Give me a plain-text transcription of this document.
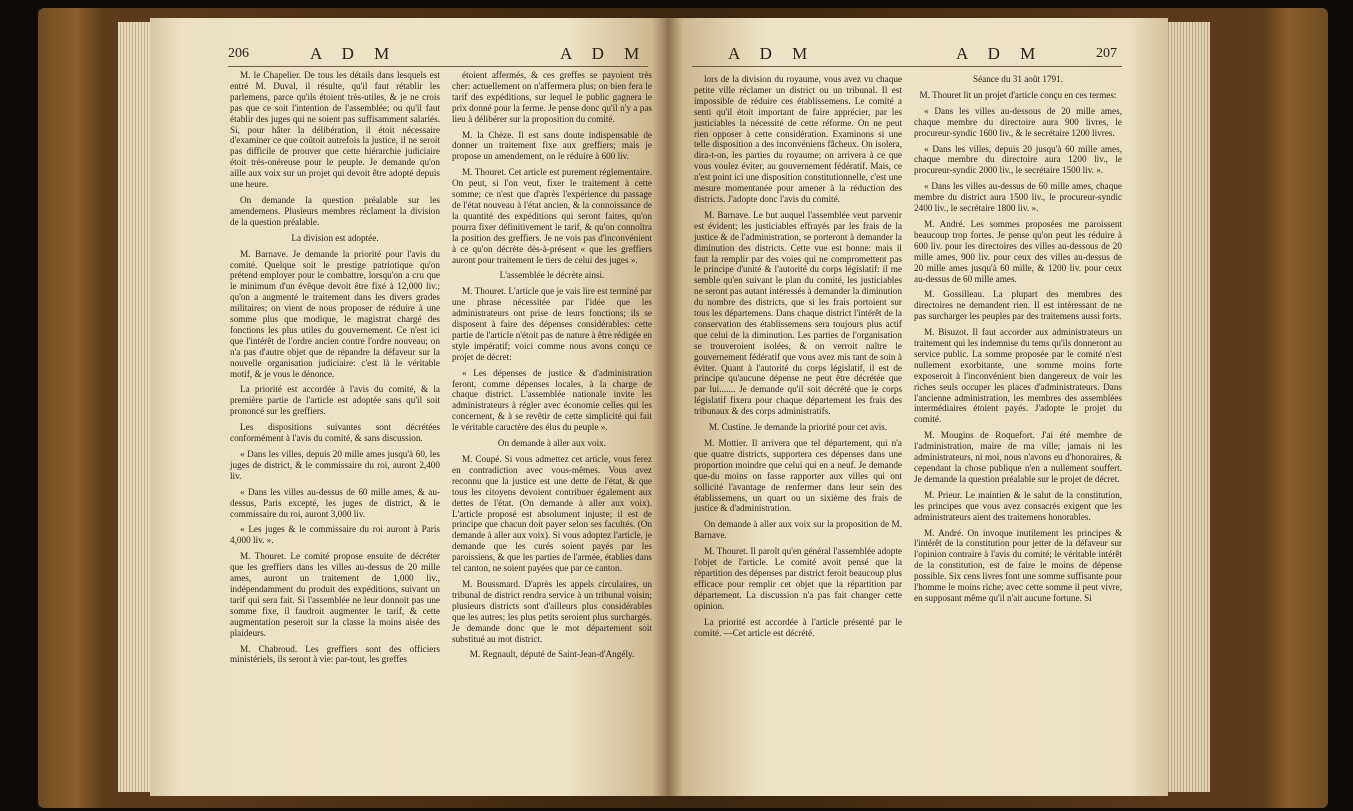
206	A D M	A D M

M. le Chapelier. De tous les détails dans lesquels est entré M. Duval, il résulte, qu'il faut rétablir les parlemens, parce qu'ils étoient très-utiles, & je ne crois pas que ce soit l'intention de l'assemblée; ou qu'il faut établir des juges qui ne soient pas suffisamment salariés. Si, pour hâter la délibération, il étoit nécessaire d'examiner ce que coûtoit autrefois la justice, il ne seroit pas difficile de prouver que cette hiérarchie judiciaire étoit très-onéreuse pour le peuple. Je demande qu'on aille aux voix sur un projet qui devoit être adopté depuis une heure.

On demande la question préalable sur les amendemens. Plusieurs membres réclament la division de la question préalable.

La division est adoptée.

M. Barnave. Je demande la priorité pour l'avis du comité. Quelque soit le prestige patriotique qu'on prétend employer pour le combattre, lorsqu'on a cru que le minimum d'un évêque devoit être fixé à 12,000 liv.; qu'on a augmenté le traitement dans les divers grades militaires; on vient de nous proposer de réduire à une somme plus que modique, le magistrat chargé des fonctions les plus utiles du gouvernement. Ce n'est ici que l'intérêt de l'ordre ancien contre l'ordre nouveau; on n'a pas d'autre objet que de répandre la défaveur sur la nouvelle organisation judiciaire: c'est là le véritable motif, & je vous le dénonce.

La priorité est accordée à l'avis du comité, & la première partie de l'article est adoptée sans qu'il soit prononcé sur les greffiers.

Les dispositions suivantes sont décrétées conformément à l'avis du comité, & sans discussion.

« Dans les villes, depuis 20 mille ames jusqu'à 60, les juges de district, & le commissaire du roi, auront 2,400 liv.

« Dans les villes au-dessus de 60 mille ames, & au-dessus, Paris excepté, les juges de district, & le commissaire du roi, auront 3,000 liv.

« Les juges & le commissaire du roi auront à Paris 4,000 liv. ».

M. Thouret. Le comité propose ensuite de décréter que les greffiers dans les villes au-dessus de 20 mille ames, auront un traitement de 1,000 liv., indépendamment du produit des expéditions, suivant un tarif qui sera fait. Si l'assemblée ne leur donnoit pas une somme fixe, il faudroit augmenter le tarif, & cette augmentation peseroit sur la classe la moins aisée des plaideurs.

M. Chabroud. Les greffiers sont des officiers ministériels, ils seront à vie: par-tout, les greffes

étoient affermés, & ces greffes se payoient très cher: actuellement on n'affermera plus; on bien fera le tarif des expéditions, sur lequel le public gagnera le prix donné pour la ferme. Je pense donc qu'il n'y a pas lieu à délibérer sur la proposition du comité.

M. la Chèze. Il est sans doute indispensable de donner un traitement fixe aux greffiers; mais je propose un amendement, on le réduire à 600 liv.

M. Thouret. Cet article est purement réglementaire. On peut, si l'on veut, fixer le traitement à cette somme; ce n'est que d'après l'expérience du passage de l'état nouveau à l'état ancien, & la connoissance de la quantité des expéditions qui seront faites, qu'on pourra fixer définitivement le tarif, & qu'on connoîtra la position des greffiers. Je ne vois pas d'inconvénient à ce qu'on décrète dès-à-présent « que les greffiers auront pour traitement le tiers de celui des juges ».

L'assemblée le décrète ainsi.

M. Thouret. L'article que je vais lire est terminé par une phrase nécessitée par l'idée que les administrateurs ont prise de leurs fonctions; ils se disposent à faire des dépenses considérables: cette partie de l'article n'étoit pas de nature à être rédigée en style impératif; voici comme nous avons conçu ce projet de décret:

« Les dépenses de justice & d'administration feront, comme dépenses locales, à la charge de chaque district. L'assemblée nationale invite les administrateurs à régler avec économie celles qui les concernent, & à se revêtir de cette simplicité qui fait le véritable caractère des élus du peuple ».

On demande à aller aux voix.

M. Coupé. Si vous admettez cet article, vous ferez en contradiction avec vous-mêmes. Vous avez reconnu que la justice est une dette de l'état, & que tous les citoyens devoient contribuer également aux dettes de l'état. (On demande à aller aux voix). L'article proposé est absolument injuste; il est de principe que chacun doit payer selon ses facultés. (On demande à aller aux voix). Si vous adoptez l'article, je demande que les curés soient payés par les paroissiens, & que les parties de l'armée, établies dans tel canton, ne soient payées que par ce canton.

M. Boussmard. D'après les appels circulaires, un tribunal de district rendra service à un tribunal voisin; plusieurs districts sont d'ailleurs plus considérables que les autres; les plus petits seroient plus surchargés. Je demande donc que le mot département soit substitué au mot district.

M. Regnault, député de Saint-Jean-d'Angély.

A D M	A D M	207

lors de la division du royaume, vous avez vu chaque petite ville réclamer un district ou un tribunal. Il est impossible de réduire ces établissemens. Le comité a senti qu'il étoit important de faire apprécier, par les justiciables la nécessité de cette réforme. On ne peut rien opposer à cette considération. Examinons si une telle disposition a des inconvéniens fâcheux. On isolera, dira-t-on, les parties du royaume; on arrivera à ce que vous voulez éviter, au gouvernement fédératif. Mais, ce n'est point ici une disposition constitutionnelle, c'est une mesure momentanée pour amener à la réduction des districts. J'adopte donc l'avis du comité.

M. Barnave. Le but auquel l'assemblée veut parvenir est évident; les justiciables effrayés par les frais de la justice & de l'administration, se porteront à demander la diminution des districts. Cette vue est bonne: mais il faut la remplir par des voies qui ne compromettent pas le principe d'unité & l'autorité du corps législatif: il me semble qu'en suivant le plan du comité, les justiciables ne seront pas autant intéressés à demander la diminution du nombre des districts, que si les frais portoient sur tous les départemens. Dans chaque district l'intérêt de la conservation des établissemens sera toujours plus actif que celui de la diminution. Les parties de l'organisation se trouveroient isolées, & on verroit naître le gouvernement fédératif que vous avez mis tant de soin à éviter. Quant à l'autorité du corps législatif, il est de principe qu'aucune dépense ne peut être décrétée que par lui....... Je demande qu'il soit décrété que le corps législatif fixera pour chaque département les frais des tribunaux & des corps administratifs.

M. Custine. Je demande la priorité pour cet avis.

M. Mottier. Il arrivera que tel département, qui n'a que quatre districts, supportera ces dépenses dans une proportion moindre que celui qui en a neuf. Je demande que-du moins on fasse rapporter aux villes qui ont sollicité l'avantage de renfermer dans leur sein des établissemens, un quart ou un sixième des frais de justice & d'administration.

On demande à aller aux voix sur la proposition de M. Barnave.

M. Thouret. Il paroît qu'en général l'assemblée adopte l'objet de l'article. Le comité avoit pensé que la répartition des dépenses par district feroit beaucoup plus efficace pour remplir cet objet que la répartition par département. La discussion n'a pas fait changer cette opinion.

La priorité est accordée à l'article présenté par le comité. —Cet article est décrété.

Séance du 31 août 1791.

M. Thouret lit un projet d'article conçu en ces termes:

« Dans les villes au-dessous de 20 mille ames, chaque membre du directoire aura 900 livres, le procureur-syndic 1600 liv., & le secrétaire 1200 livres.

« Dans les villes, depuis 20 jusqu'à 60 mille ames, chaque membre du directoire aura 1200 liv., le procureur-syndic 2000 liv., le secrétaire 1500 liv. ».

« Dans les villes au-dessus de 60 mille ames, chaque membre du district aura 1500 liv., le procureur-syndic 2400 liv., le secrétaire 1800 liv. ».

M. André. Les sommes proposées me paroissent beaucoup trop fortes. Je pense qu'on peut les réduire à 600 liv. pour les directoires des villes au-dessous de 20 mille ames, 900 liv. pour ceux des villes au-dessus de 20 mille ames jusqu'à 60 mille, & 1200 liv. pour ceux au-dessus de 60 mille ames.

M. Gossilleau. La plupart des membres des directoires ne demandent rien. Il est intéressant de ne pas surcharger les peuples par des traitemens aussi forts.

M. Bisuzot. Il faut accorder aux administrateurs un traitement qui les indemnise du tems qu'ils donneront au service public. La somme proposée par le comité n'est nullement exorbitante, une somme moins forte exposeroit à l'inconvénient bien dangereux de voir les riches seuls occuper les places d'administrateurs. Dans l'ancienne administration, les membres des assemblées intermédiaires étoient payés. J'adopte le projet du comité.

M. Mougins de Roquefort. J'ai été membre de l'administration, maire de ma ville; jamais ni les administrateurs, ni moi, nous n'avons eu d'honoraires, & cependant la chose publique n'en a nullement souffert. Je demande la question préalable sur le projet de décret.

M. Prieur. Le maintien & le salut de la constitution, les principes que vous avez consacrés exigent que les administrateurs aient des traitemens honorables.

M. André. On invoque inutilement les principes & l'intérêt de la constitution pour jetter de la défaveur sur l'opinion contraire à l'avis du comité; le véritable intérêt de la constitution, est de faire le moins de dépense possible. Six cens livres font une somme suffisante pour l'homme le moins riche; avec cette somme il peut vivre, en supposant même qu'il n'ait aucune fortune. Si
